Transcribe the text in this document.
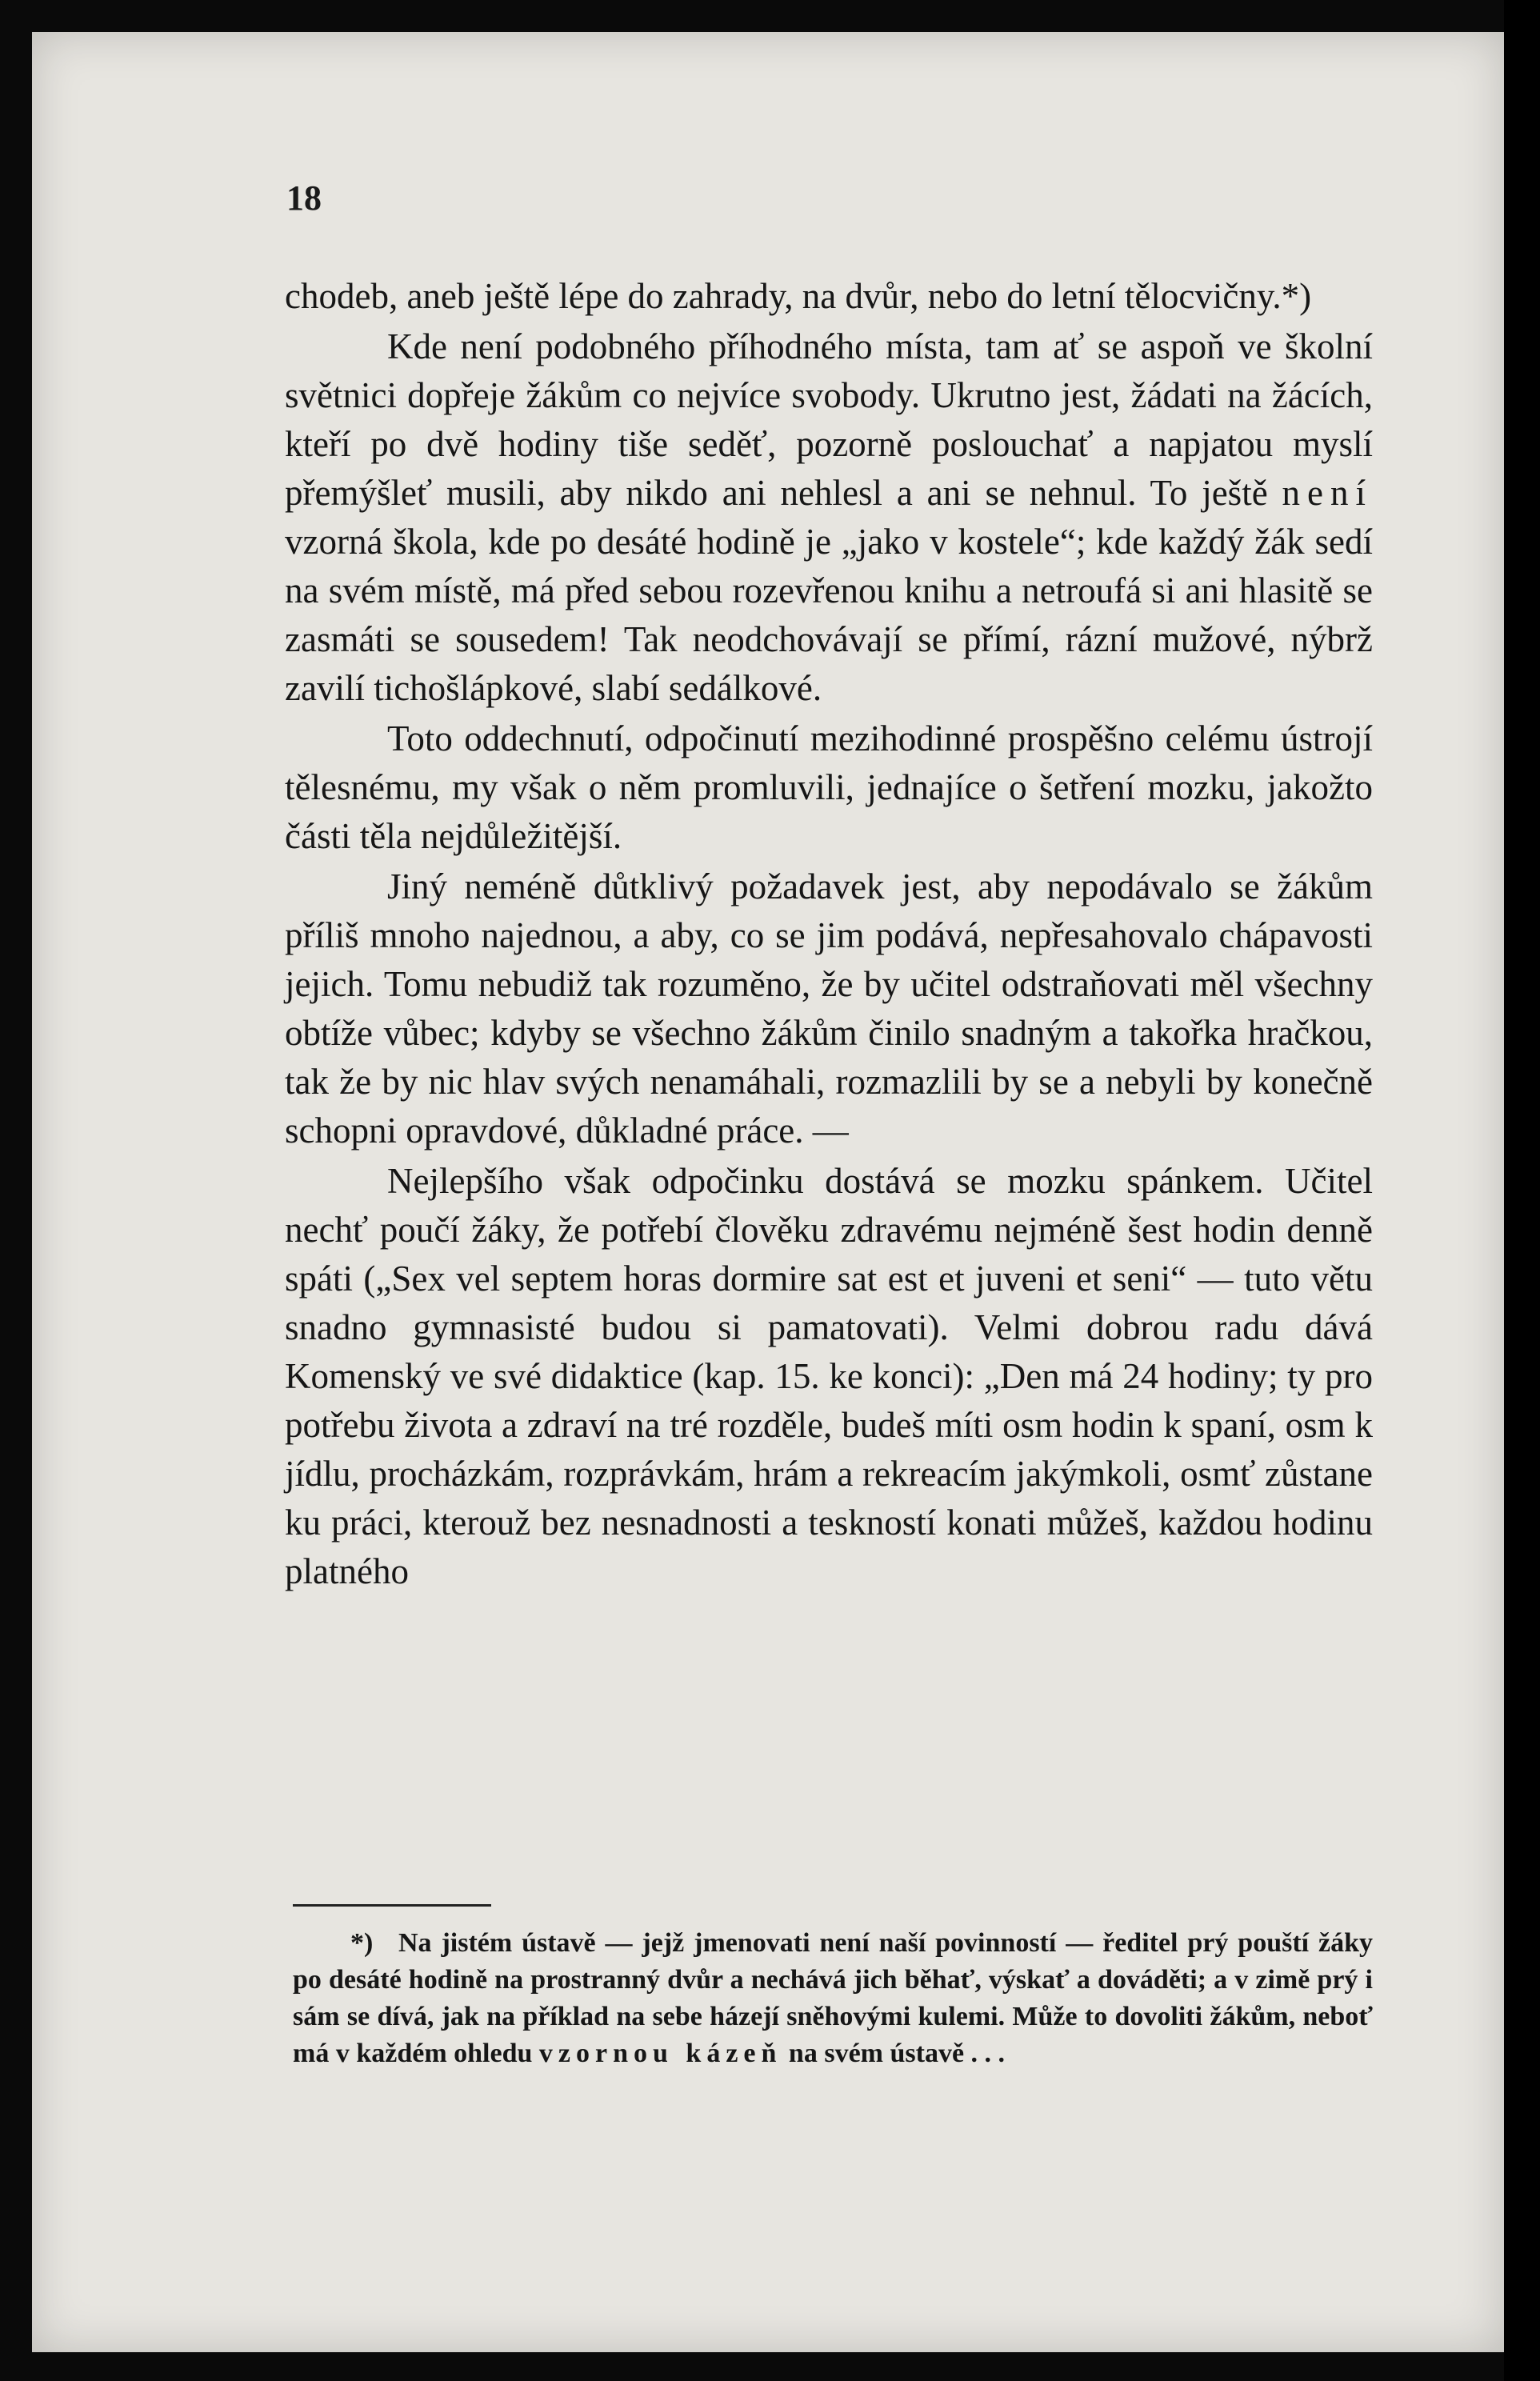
18

chodeb, aneb ještě lépe do zahrady, na dvůr, nebo do letní tělocvičny.*)

Kde není podobného příhodného místa, tam ať se aspoň ve školní světnici dopřeje žákům co nejvíce svobody. Ukrutno jest, žádati na žácích, kteří po dvě hodiny tiše seděť, pozorně poslouchať a napjatou myslí přemýšleť musili, aby nikdo ani nehlesl a ani se nehnul. To ještě není vzorná škola, kde po desáté hodině je „jako v kostele“; kde každý žák sedí na svém místě, má před sebou rozevřenou knihu a netroufá si ani hlasitě se zasmáti se sousedem! Tak neodchovávají se přímí, rázní mužové, nýbrž zavilí tichošlápkové, slabí sedálkové.

Toto oddechnutí, odpočinutí mezihodinné prospěšno celému ústrojí tělesnému, my však o něm promluvili, jednajíce o šetření mozku, jakožto části těla nejdůležitější.

Jiný neméně důtklivý požadavek jest, aby nepodávalo se žákům příliš mnoho najednou, a aby, co se jim podává, nepřesahovalo chápavosti jejich. Tomu nebudiž tak rozuměno, že by učitel odstraňovati měl všechny obtíže vůbec; kdyby se všechno žákům činilo snadným a takořka hračkou, tak že by nic hlav svých nenamáhali, rozmazlili by se a nebyli by konečně schopni opravdové, důkladné práce. —

Nejlepšího však odpočinku dostává se mozku spánkem. Učitel nechť poučí žáky, že potřebí člověku zdravému nejméně šest hodin denně spáti („Sex vel septem horas dormire sat est et juveni et seni“ — tuto větu snadno gymnasisté budou si pamatovati). Velmi dobrou radu dává Komenský ve své didaktice (kap. 15. ke konci): „Den má 24 hodiny; ty pro potřebu života a zdraví na tré rozděle, budeš míti osm hodin k spaní, osm k jídlu, procházkám, rozprávkám, hrám a rekreacím jakýmkoli, osmť zůstane ku práci, kterouž bez nesnadnosti a teskností konati můžeš, každou hodinu platného

*) Na jistém ústavě — jejž jmenovati není naší povinností — ředitel prý pouští žáky po desáté hodině na prostranný dvůr a nechává jich běhať, výskať a dováděti; a v zimě prý i sám se dívá, jak na příklad na sebe házejí sněhovými kulemi. Může to dovoliti žákům, neboť má v každém ohledu vzornou kázeň na svém ústavě . . .
